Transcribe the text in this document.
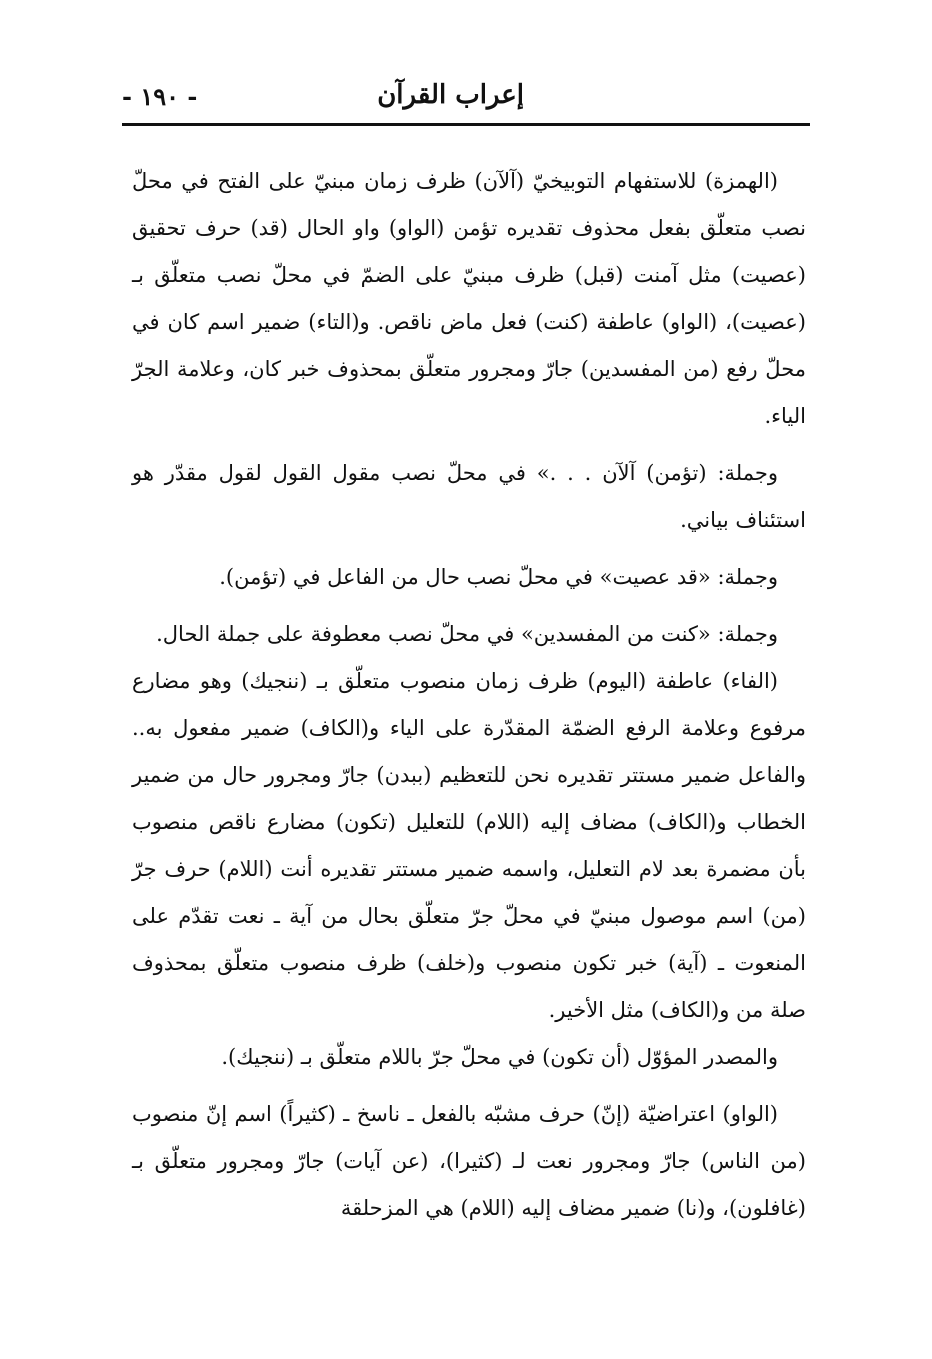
إعراب القرآن
- ١٩٠ -

(الهمزة) للاستفهام التوبيخيّ (آلآن) ظرف زمان مبنيّ على الفتح في محلّ نصب متعلّق بفعل محذوف تقديره تؤمن (الواو) واو الحال (قد) حرف تحقيق (عصيت) مثل آمنت (قبل) ظرف مبنيّ على الضمّ في محلّ نصب متعلّق بـ (عصيت)، (الواو) عاطفة (كنت) فعل ماض ناقص. و(التاء) ضمير اسم كان في محلّ رفع (من المفسدين) جارّ ومجرور متعلّق بمحذوف خبر كان، وعلامة الجرّ الياء.

وجملة: (تؤمن) آلآن . . .» في محلّ نصب مقول القول لقول مقدّر هو استئناف بياني.

وجملة: «قد عصيت» في محلّ نصب حال من الفاعل في (تؤمن).

وجملة: «كنت من المفسدين» في محلّ نصب معطوفة على جملة الحال.

(الفاء) عاطفة (اليوم) ظرف زمان منصوب متعلّق بـ (ننجيك) وهو مضارع مرفوع وعلامة الرفع الضمّة المقدّرة على الياء و(الكاف) ضمير مفعول به.. والفاعل ضمير مستتر تقديره نحن للتعظيم (ببدن) جارّ ومجرور حال من ضمير الخطاب و(الكاف) مضاف إليه (اللام) للتعليل (تكون) مضارع ناقص منصوب بأن مضمرة بعد لام التعليل، واسمه ضمير مستتر تقديره أنت (اللام) حرف جرّ (من) اسم موصول مبنيّ في محلّ جرّ متعلّق بحال من آية ـ نعت تقدّم على المنعوت ـ (آية) خبر تكون منصوب و(خلف) ظرف منصوب متعلّق بمحذوف صلة من و(الكاف) مثل الأخير.

والمصدر المؤوّل (أن تكون) في محلّ جرّ باللام متعلّق بـ (ننجيك).

(الواو) اعتراضيّة (إنّ) حرف مشبّه بالفعل ـ ناسخ ـ (كثيراً) اسم إنّ منصوب (من الناس) جارّ ومجرور نعت لـ (كثيرا)، (عن آيات) جارّ ومجرور متعلّق بـ (غافلون)، و(نا) ضمير مضاف إليه (اللام) هي المزحلقة
